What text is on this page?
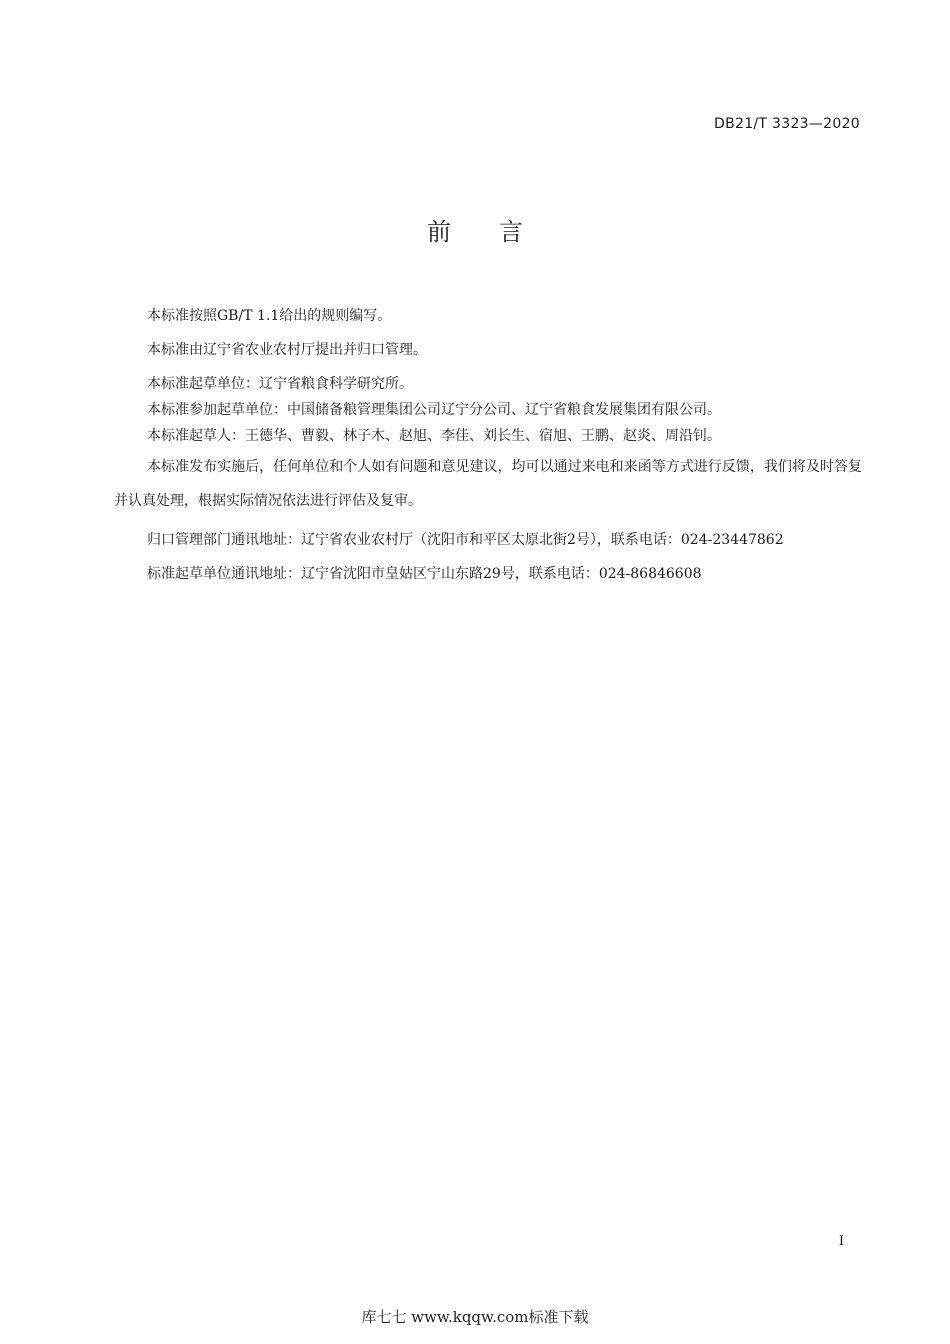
DB21/T 3323—2020
前言

本标准按照GB/T 1.1给出的规则编写。

本标准由辽宁省农业农村厅提出并归口管理。

本标准起草单位：辽宁省粮食科学研究所。

本标准参加起草单位：中国储备粮管理集团公司辽宁分公司、辽宁省粮食发展集团有限公司。

本标准起草人：王德华、曹毅、林子木、赵旭、李佳、刘长生、宿旭、王鹏、赵炎、周沿钊。

本标准发布实施后，任何单位和个人如有问题和意见建议，均可以通过来电和来函等方式进行反馈，我们将及时答复并认真处理，根据实际情况依法进行评估及复审。

归口管理部门通讯地址：辽宁省农业农村厅（沈阳市和平区太原北街2号），联系电话：024-23447862

标准起草单位通讯地址：辽宁省沈阳市皇姑区宁山东路29号，联系电话：024-86846608

I
库七七 www.kqqw.com标准下载
